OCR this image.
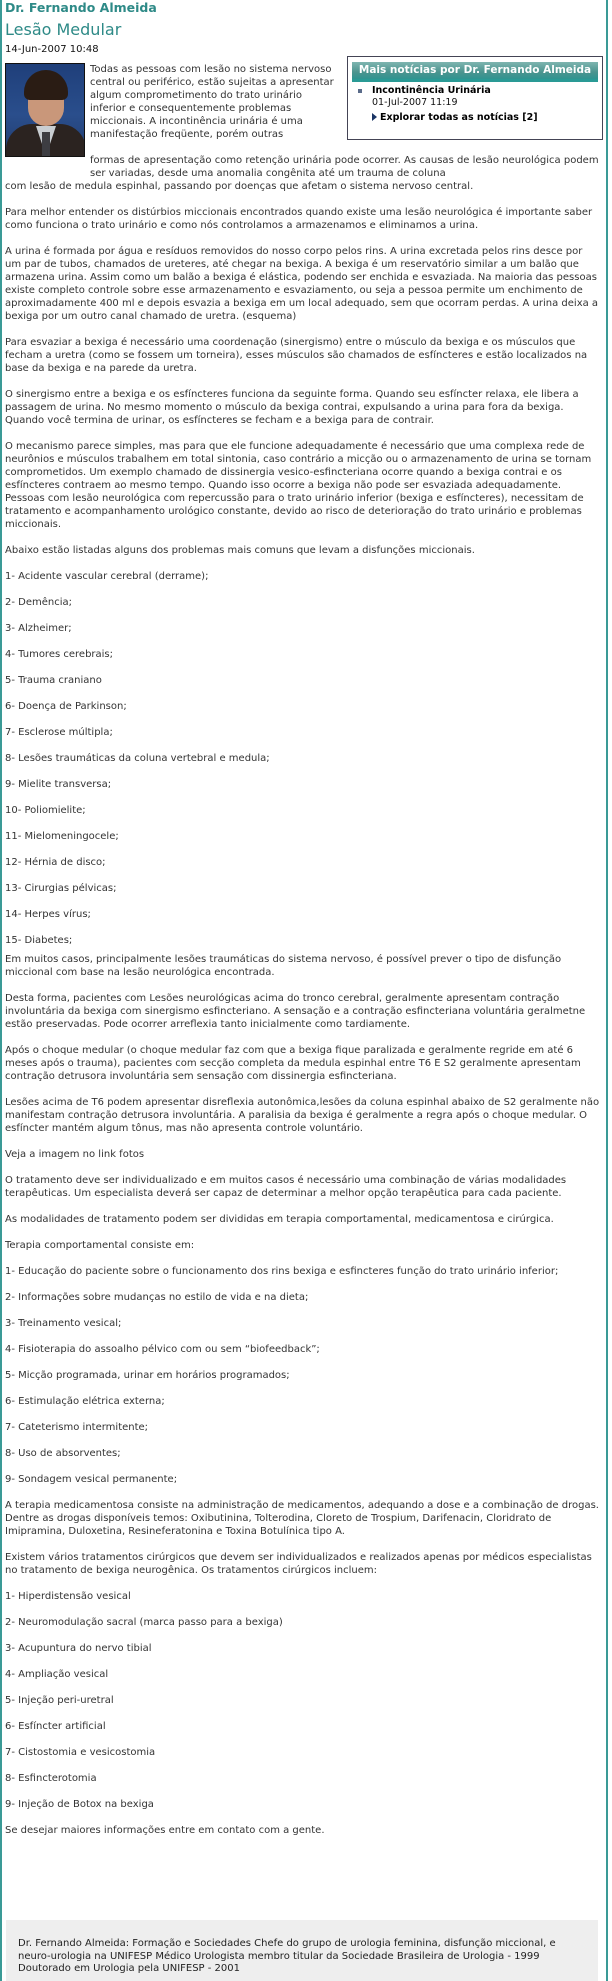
Dr. Fernando Almeida
Lesão Medular
14-Jun-2007 10:48
Todas as pessoas com lesão no sistema nervoso central ou periférico, estão sujeitas a apresentar algum comprometimento do trato urinário inferior e consequentemente problemas miccionais. A incontinência urinária é uma manifestação freqüente, porém outras
formas de apresentação como retenção urinária pode ocorrer. As causas de lesão neurológica podem ser variadas, desde uma anomalia congênita até um trauma de coluna
com lesão de medula espinhal, passando por doenças que afetam o sistema nervoso central.
Mais notícias por Dr. Fernando Almeida
Incontinência Urinária
01-Jul-2007 11:19
Explorar todas as notícias [2]

Para melhor entender os distúrbios miccionais encontrados quando existe uma lesão neurológica é importante saber como funciona o trato urinário e como nós controlamos a armazenamos e eliminamos a urina.

A urina é formada por água e resíduos removidos do nosso corpo pelos rins. A urina excretada pelos rins desce por um par de tubos, chamados de ureteres, até chegar na bexiga. A bexiga é um reservatório similar a um balão que armazena urina. Assim como um balão a bexiga é elástica, podendo ser enchida e esvaziada. Na maioria das pessoas existe completo controle sobre esse armazenamento e esvaziamento, ou seja a pessoa permite um enchimento de aproximadamente 400 ml e depois esvazia a bexiga em um local adequado, sem que ocorram perdas. A urina deixa a bexiga por um outro canal chamado de uretra. (esquema)

Para esvaziar a bexiga é necessário uma coordenação (sinergismo) entre o músculo da bexiga e os músculos que fecham a uretra (como se fossem um torneira), esses músculos são chamados de esfíncteres e estão localizados na base da bexiga e na parede da uretra.

O sinergismo entre a bexiga e os esfíncteres funciona da seguinte forma. Quando seu esfíncter relaxa, ele libera a passagem de urina. No mesmo momento o músculo da bexiga contrai, expulsando a urina para fora da bexiga. Quando você termina de urinar, os esfíncteres se fecham e a bexiga para de contrair.

O mecanismo parece simples, mas para que ele funcione adequadamente é necessário que uma complexa rede de neurônios e músculos trabalhem em total sintonia, caso contrário a micção ou o armazenamento de urina se tornam comprometidos. Um exemplo chamado de dissinergia vesico-esfincteriana ocorre quando a bexiga contrai e os esfíncteres contraem ao mesmo tempo. Quando isso ocorre a bexiga não pode ser esvaziada adequadamente. Pessoas com lesão neurológica com repercussão para o trato urinário inferior (bexiga e esfíncteres), necessitam de tratamento e acompanhamento urológico constante, devido ao risco de deterioração do trato urinário e problemas miccionais.

Abaixo estão listadas alguns dos problemas mais comuns que levam a disfunções miccionais.

1- Acidente vascular cerebral (derrame);
2- Demência;
3- Alzheimer;
4- Tumores cerebrais;
5- Trauma craniano
6- Doença de Parkinson;
7- Esclerose múltipla;
8- Lesões traumáticas da coluna vertebral e medula;
9- Mielite transversa;
10- Poliomielite;
11- Mielomeningocele;
12- Hérnia de disco;
13- Cirurgias pélvicas;
14- Herpes vírus;
15- Diabetes;

Em muitos casos, principalmente lesões traumáticas do sistema nervoso, é possível prever o tipo de disfunção miccional com base na lesão neurológica encontrada.

Desta forma, pacientes com Lesões neurológicas acima do tronco cerebral, geralmente apresentam contração involuntária da bexiga com sinergismo esfincteriano. A sensação e a contração esfincteriana voluntária geralmetne estão preservadas. Pode ocorrer arreflexia tanto inicialmente como tardiamente.

Após o choque medular (o choque medular faz com que a bexiga fique paralizada e geralmente regride em até 6 meses após o trauma), pacientes com secção completa da medula espinhal entre T6 E S2 geralmente apresentam contração detrusora involuntária sem sensação com dissinergia esfincteriana.

Lesões acima de T6 podem apresentar disreflexia autonômica,lesões da coluna espinhal abaixo de S2 geralmente não manifestam contração detrusora involuntária. A paralisia da bexiga é geralmente a regra após o choque medular. O esfíncter mantém algum tônus, mas não apresenta controle voluntário.

Veja a imagem no link fotos

O tratamento deve ser individualizado e em muitos casos é necessário uma combinação de várias modalidades terapêuticas. Um especialista deverá ser capaz de determinar a melhor opção terapêutica para cada paciente.

As modalidades de tratamento podem ser divididas em terapia comportamental, medicamentosa e cirúrgica.

Terapia comportamental consiste em:

1- Educação do paciente sobre o funcionamento dos rins bexiga e esfincteres função do trato urinário inferior;
2- Informações sobre mudanças no estilo de vida e na dieta;
3- Treinamento vesical;
4- Fisioterapia do assoalho pélvico com ou sem “biofeedback”;
5- Micção programada, urinar em horários programados;
6- Estimulação elétrica externa;
7- Cateterismo intermitente;
8- Uso de absorventes;
9- Sondagem vesical permanente;

A terapia medicamentosa consiste na administração de medicamentos, adequando a dose e a combinação de drogas. Dentre as drogas disponíveis temos: Oxibutinina, Tolterodina, Cloreto de Trospium, Darifenacin, Cloridrato de Imipramina, Duloxetina, Resineferatonina e Toxina Botulínica tipo A.

Existem vários tratamentos cirúrgicos que devem ser individualizados e realizados apenas por médicos especialistas no tratamento de bexiga neurogênica. Os tratamentos cirúrgicos incluem:

1- Hiperdistensão vesical
2- Neuromodulação sacral (marca passo para a bexiga)
3- Acupuntura do nervo tibial
4- Ampliação vesical
5- Injeção peri-uretral
6- Esfíncter artificial
7- Cistostomia e vesicostomia
8- Esfincterotomia
9- Injeção de Botox na bexiga

Se desejar maiores informações entre em contato com a gente.

Dr. Fernando Almeida: Formação e Sociedades Chefe do grupo de urologia feminina, disfunção miccional, e neuro-urologia na UNIFESP Médico Urologista membro titular da Sociedade Brasileira de Urologia - 1999 Doutorado em Urologia pela UNIFESP - 2001
